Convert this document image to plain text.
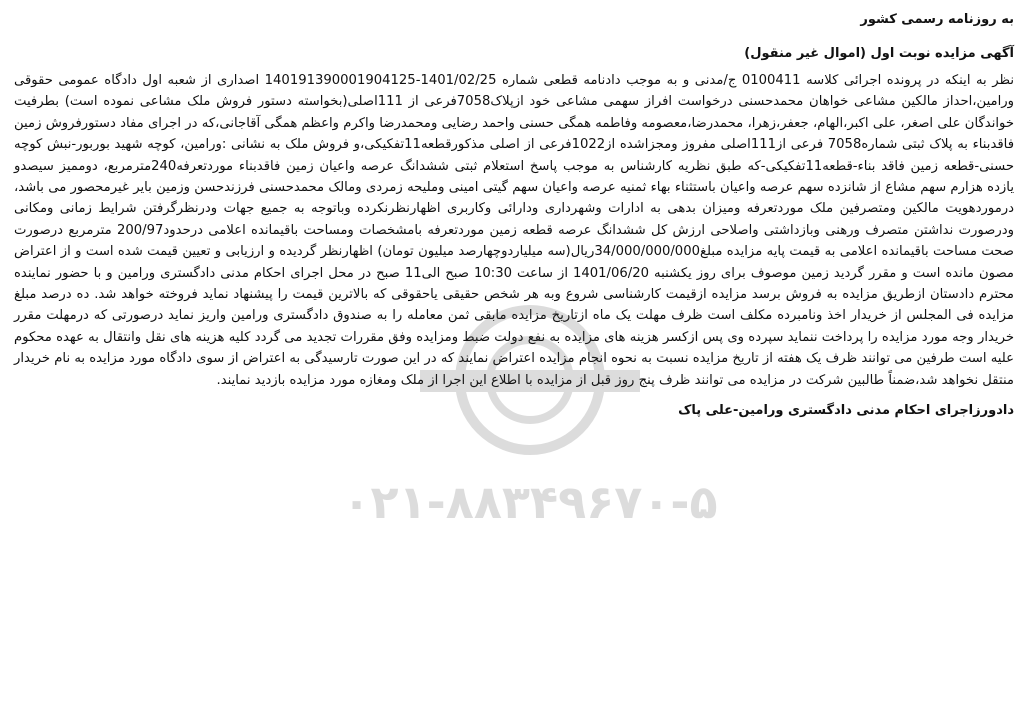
به روزنامه رسمی کشور
آگهی مزایده نوبت اول (اموال غیر منقول)
نظر به اینکه در پرونده اجرائی کلاسه 0100411 ج/مدنی و به موجب دادنامه قطعی شماره 1401/02/25-140191390001904125 اصداری از شعبه اول دادگاه عمومی حقوقی ورامین،احداز مالکین مشاعی خواهان محمدحسنی درخواست افراز سهمی مشاعی خود ازپلاک7058فرعی از 111اصلی(بخواسته دستور فروش ملک مشاعی نموده است) بطرفیت خواندگان علی اصغر، علی اکبر،الهام، جعفر،زهرا، محمدرضا،معصومه وفاطمه همگی حسنی واحمد رضایی ومحمدرضا واکرم واعظم همگی آقاجانی،که در اجرای مفاد دستورفروش زمین فاقدبناء به پلاک ثبتی شماره7058 فرعی از111اصلی مفروز ومجزاشده از1022فرعی از اصلی مذکورقطعه11تفکیکی،و فروش ملک به نشانی :ورامین، کوچه شهید بوربور-نبش کوچه حسنی-قطعه زمین فاقد بناء-قطعه11تفکیکی-که طبق نظریه کارشناس به موجب پاسخ استعلام ثبتی ششدانگ عرصه واعیان زمین فاقدبناء موردتعرفه240مترمربع، دوممیز سیصدو یازده هزارم سهم مشاع از شانزده سهم عرصه واعیان باستثناء بهاء ثمنیه عرصه واعیان سهم گیتی امینی وملیحه زمردی ومالک محمدحسنی فرزندحسن وزمین بایر غیرمحصور می باشد، درموردهویت مالکین ومتصرفین ملک موردتعرفه ومیزان بدهی به ادارات وشهرداری ودارائی وکاربری اظهارنظرنکرده وباتوجه به جمیع جهات ودرنظرگرفتن شرایط زمانی ومکانی ودرصورت نداشتن متصرف ورهنی وبازداشتی واصلاحی ارزش کل ششدانگ عرصه قطعه زمین موردتعرفه بامشخصات ومساحت باقیمانده اعلامی درحدود200/97 مترمربع درصورت صحت مساحت باقیمانده اعلامی به قیمت پایه مزایده مبلغ34/000/000/000ریال(سه میلیاردوچهارصد میلیون تومان) اظهارنظر گردیده و ارزیابی و تعیین قیمت شده است و از اعتراض مصون مانده است و مقرر گردید زمین موصوف برای روز یکشنبه 1401/06/20 از ساعت 10:30 صبح الی11 صبح در محل اجرای احکام مدنی دادگستری ورامین و با حضور نماینده محترم دادستان ازطریق مزایده به فروش برسد مزایده ازقیمت کارشناسی شروع وبه هر شخص حقیقی یاحقوقی که بالاترین قیمت را پیشنهاد نماید فروخته خواهد شد. ده درصد مبلغ مزایده فی المجلس از خریدار اخذ ونامبرده مکلف است ظرف مهلت یک ماه ازتاریخ مزایده مابقی ثمن معامله را به صندوق دادگستری ورامین واریز نماید درصورتی که درمهلت مقرر خریدار وجه مورد مزایده را پرداخت ننماید سپرده وی پس ازکسر هزینه های مزایده به نفع دولت ضبط ومزایده وفق مقررات تجدید می گردد کلیه هزینه های نقل وانتقال به عهده محکوم علیه است طرفین می توانند ظرف یک هفته از تاریخ مزایده نسبت به نحوه انجام مزایده اعتراض نمایند که در این صورت تارسیدگی به اعتراض از سوی دادگاه مورد مزایده به نام خریدار منتقل نخواهد شد،ضمناً طالبین شرکت در مزایده می توانند ظرف پنج روز قبل از مزایده با اطلاع این اجرا از ملک ومغازه مورد مزایده بازدید نمایند.
دادورزاجرای احکام مدنی دادگستری ورامین-علی پاک
۰۲۱-۸۸۳۴۹۶۷۰-۵
